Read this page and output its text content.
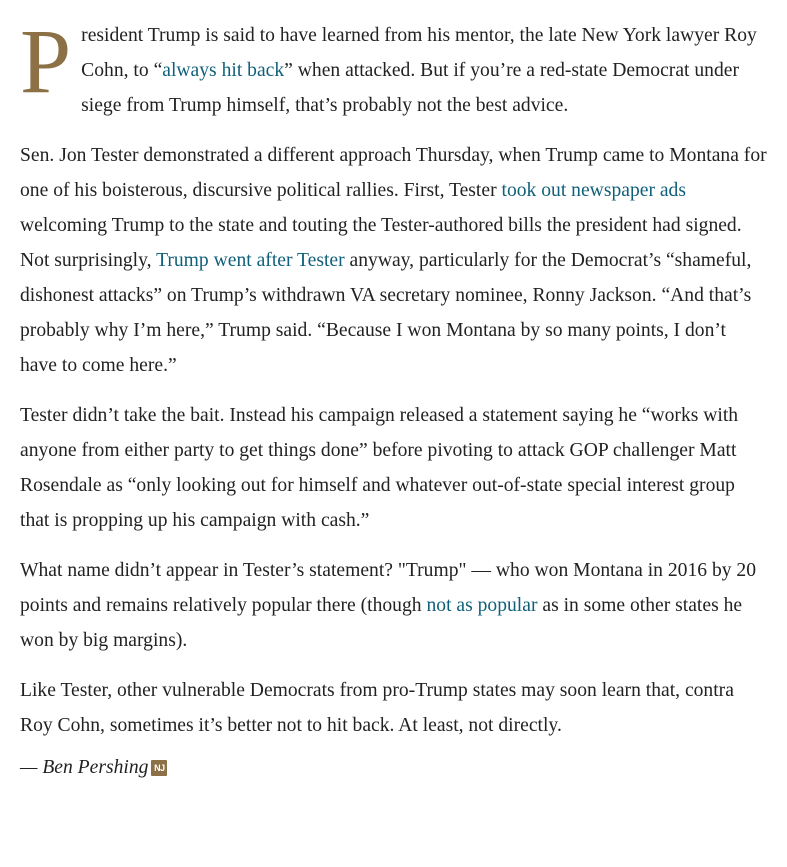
President Trump is said to have learned from his mentor, the late New York lawyer Roy Cohn, to “always hit back” when attacked. But if you’re a red-state Democrat under siege from Trump himself, that’s probably not the best advice.

Sen. Jon Tester demonstrated a different approach Thursday, when Trump came to Montana for one of his boisterous, discursive political rallies. First, Tester took out newspaper ads welcoming Trump to the state and touting the Tester-authored bills the president had signed. Not surprisingly, Trump went after Tester anyway, particularly for the Democrat’s “shameful, dishonest attacks” on Trump’s withdrawn VA secretary nominee, Ronny Jackson. “And that’s probably why I’m here,” Trump said. “Because I won Montana by so many points, I don’t have to come here.”

Tester didn’t take the bait. Instead his campaign released a statement saying he “works with anyone from either party to get things done” before pivoting to attack GOP challenger Matt Rosendale as “only looking out for himself and whatever out-of-state special interest group that is propping up his campaign with cash.”

What name didn’t appear in Tester’s statement? "Trump" — who won Montana in 2016 by 20 points and remains relatively popular there (though not as popular as in some other states he won by big margins).

Like Tester, other vulnerable Democrats from pro-Trump states may soon learn that, contra Roy Cohn, sometimes it’s better not to hit back. At least, not directly.

— Ben Pershing NJ
